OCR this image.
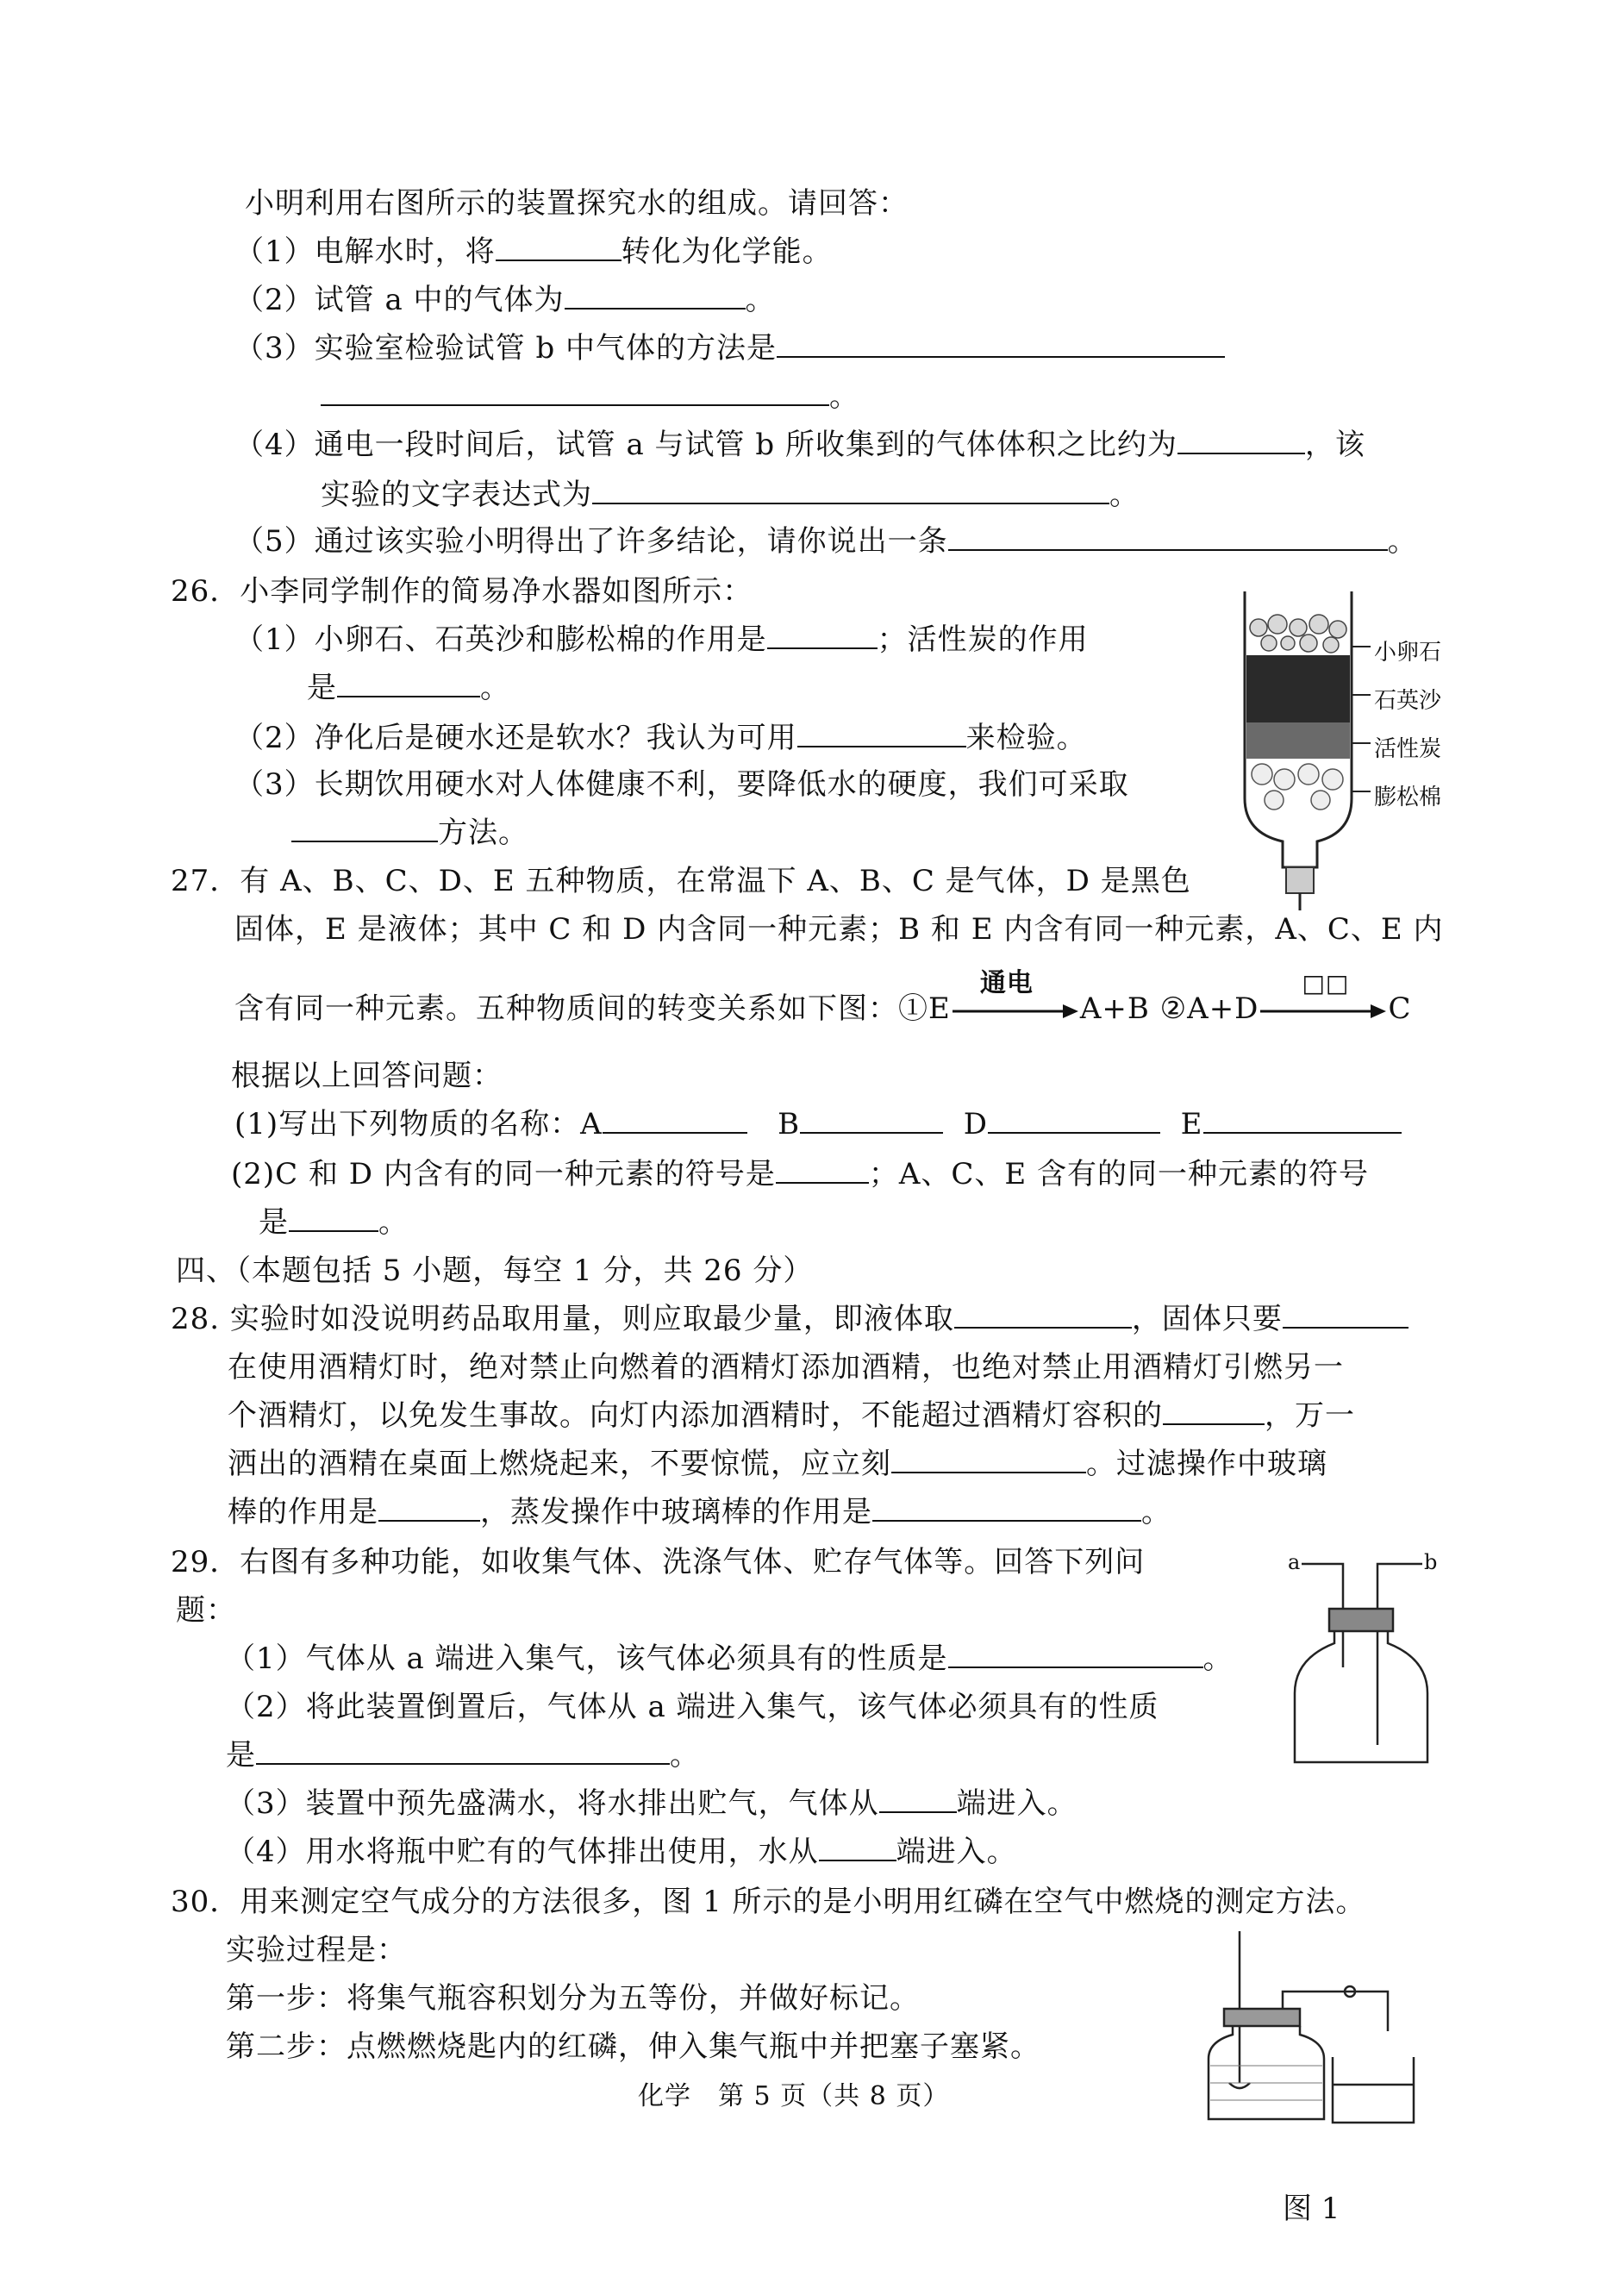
小明利用右图所示的装置探究水的组成。请回答：
（1）电解水时，将	转化为化学能。
（2）试管 a 中的气体为	。
（3）实验室检验试管 b 中气体的方法是
。
（4）通电一段时间后，试管 a 与试管 b 所收集到的气体体积之比约为	，该
实验的文字表达式为	。
（5）通过该实验小明得出了许多结论，请你说出一条	。
26．小李同学制作的简易净水器如图所示：
（1）小卵石、石英沙和膨松棉的作用是	；活性炭的作用
是	。
（2）净化后是硬水还是软水？我认为可用	来检验。
（3）长期饮用硬水对人体健康不利，要降低水的硬度，我们可采取
方法。
小卵石
石英沙
活性炭
膨松棉
27．有 A、B、C、D、E 五种物质，在常温下 A、B、C 是气体，D 是黑色
固体，E 是液体；其中 C 和 D 内含同一种元素；B 和 E 内含有同一种元素，A、C、E 内
含有同一种元素。五种物质间的转变关系如下图：①E
通电
A+B ②A+D
□□
C
根据以上回答问题：
(1)写出下列物质的名称：A	B	D	E
(2)C 和 D 内含有的同一种元素的符号是	；A、C、E 含有的同一种元素的符号
是	。
四、（本题包括 5 小题，每空 1 分，共 26 分）
28. 实验时如没说明药品取用量，则应取最少量，即液体取	，固体只要
在使用酒精灯时，绝对禁止向燃着的酒精灯添加酒精，也绝对禁止用酒精灯引燃另一
个酒精灯，以免发生事故。向灯内添加酒精时，不能超过酒精灯容积的	，万一
洒出的酒精在桌面上燃烧起来，不要惊慌，应立刻	。过滤操作中玻璃
棒的作用是	，蒸发操作中玻璃棒的作用是	。
29．右图有多种功能，如收集气体、洗涤气体、贮存气体等。回答下列问
题：
（1）气体从 a 端进入集气，该气体必须具有的性质是	。
（2）将此装置倒置后，气体从 a 端进入集气，该气体必须具有的性质
是	。
（3）装置中预先盛满水，将水排出贮气，气体从	端进入。
（4）用水将瓶中贮有的气体排出使用，水从	端进入。
a	b
30．用来测定空气成分的方法很多，图 1 所示的是小明用红磷在空气中燃烧的测定方法。
实验过程是：
第一步：将集气瓶容积划分为五等份，并做好标记。
第二步：点燃燃烧匙内的红磷，伸入集气瓶中并把塞子塞紧。
图 1
化学　第 5 页（共 8 页）
